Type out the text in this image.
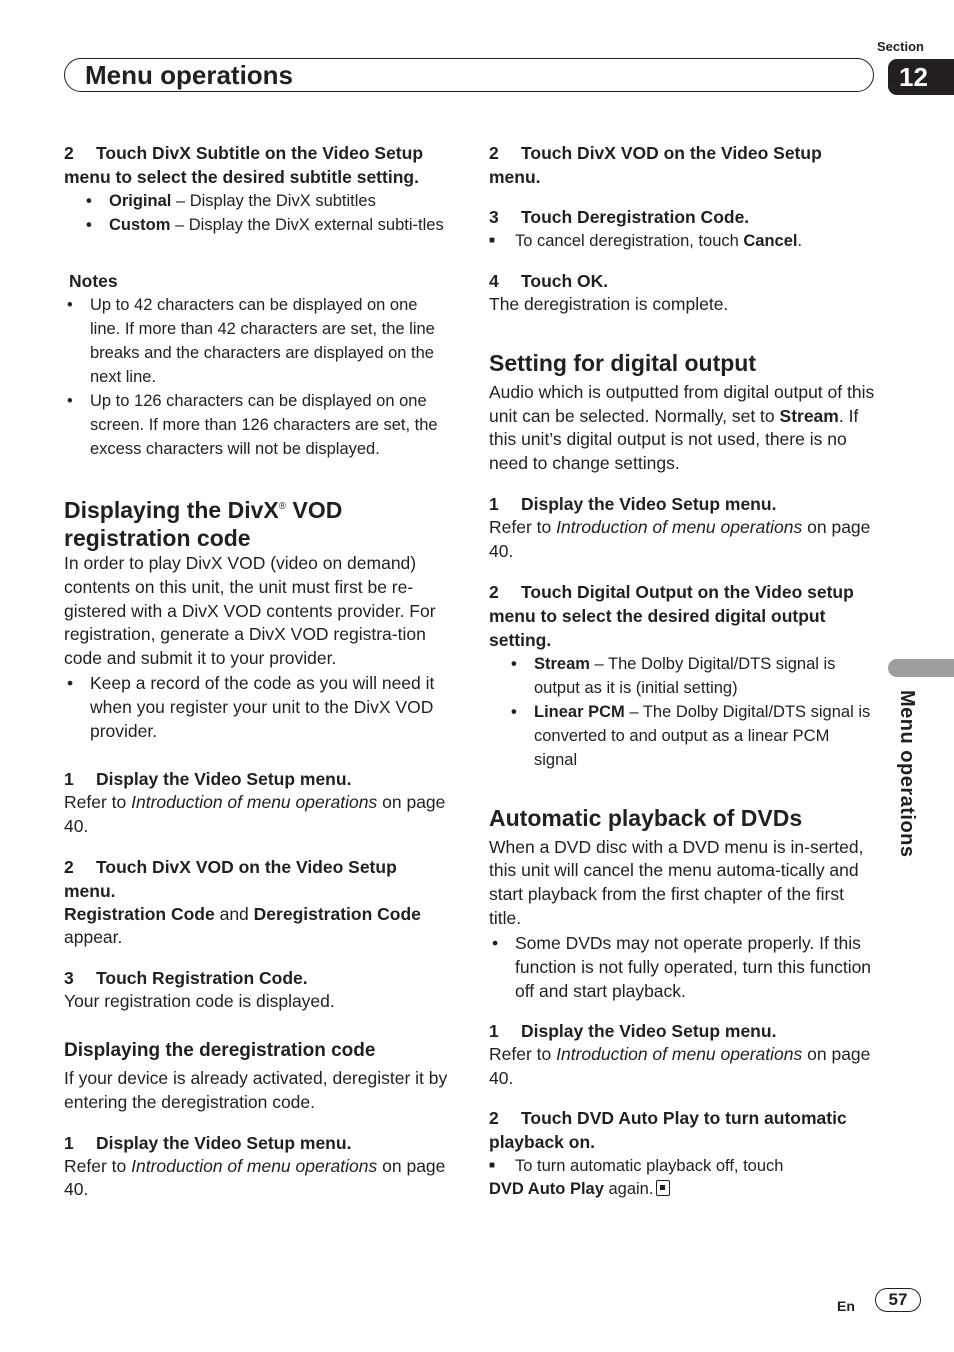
Section
12
Menu operations

2 Touch DivX Subtitle on the Video Setup menu to select the desired subtitle setting.

• Original – Display the DivX subtitles
• Custom – Display the DivX external subti-tles

Notes

• Up to 42 characters can be displayed on one line. If more than 42 characters are set, the line breaks and the characters are displayed on the next line.
• Up to 126 characters can be displayed on one screen. If more than 126 characters are set, the excess characters will not be displayed.

Displaying the DivX® VOD registration code

In order to play DivX VOD (video on demand) contents on this unit, the unit must first be re-gistered with a DivX VOD contents provider. For registration, generate a DivX VOD registra-tion code and submit it to your provider.

• Keep a record of the code as you will need it when you register your unit to the DivX VOD provider.

1 Display the Video Setup menu.

Refer to Introduction of menu operations on page 40.

2 Touch DivX VOD on the Video Setup menu.

Registration Code and Deregistration Code appear.

3 Touch Registration Code.

Your registration code is displayed.

Displaying the deregistration code

If your device is already activated, deregister it by entering the deregistration code.

1 Display the Video Setup menu.

Refer to Introduction of menu operations on page 40.

2 Touch DivX VOD on the Video Setup menu.

3 Touch Deregistration Code.

■ To cancel deregistration, touch Cancel.

4 Touch OK.

The deregistration is complete.

Setting for digital output

Audio which is outputted from digital output of this unit can be selected. Normally, set to Stream. If this unit’s digital output is not used, there is no need to change settings.

1 Display the Video Setup menu.

Refer to Introduction of menu operations on page 40.

2 Touch Digital Output on the Video setup menu to select the desired digital output setting.

• Stream – The Dolby Digital/DTS signal is output as it is (initial setting)
• Linear PCM – The Dolby Digital/DTS signal is converted to and output as a linear PCM signal

Automatic playback of DVDs

When a DVD disc with a DVD menu is in-serted, this unit will cancel the menu automa-tically and start playback from the first chapter of the first title.

• Some DVDs may not operate properly. If this function is not fully operated, turn this function off and start playback.

1 Display the Video Setup menu.

Refer to Introduction of menu operations on page 40.

2 Touch DVD Auto Play to turn automatic playback on.

■ To turn automatic playback off, touch

DVD Auto Play again.

Menu operations
En	57
